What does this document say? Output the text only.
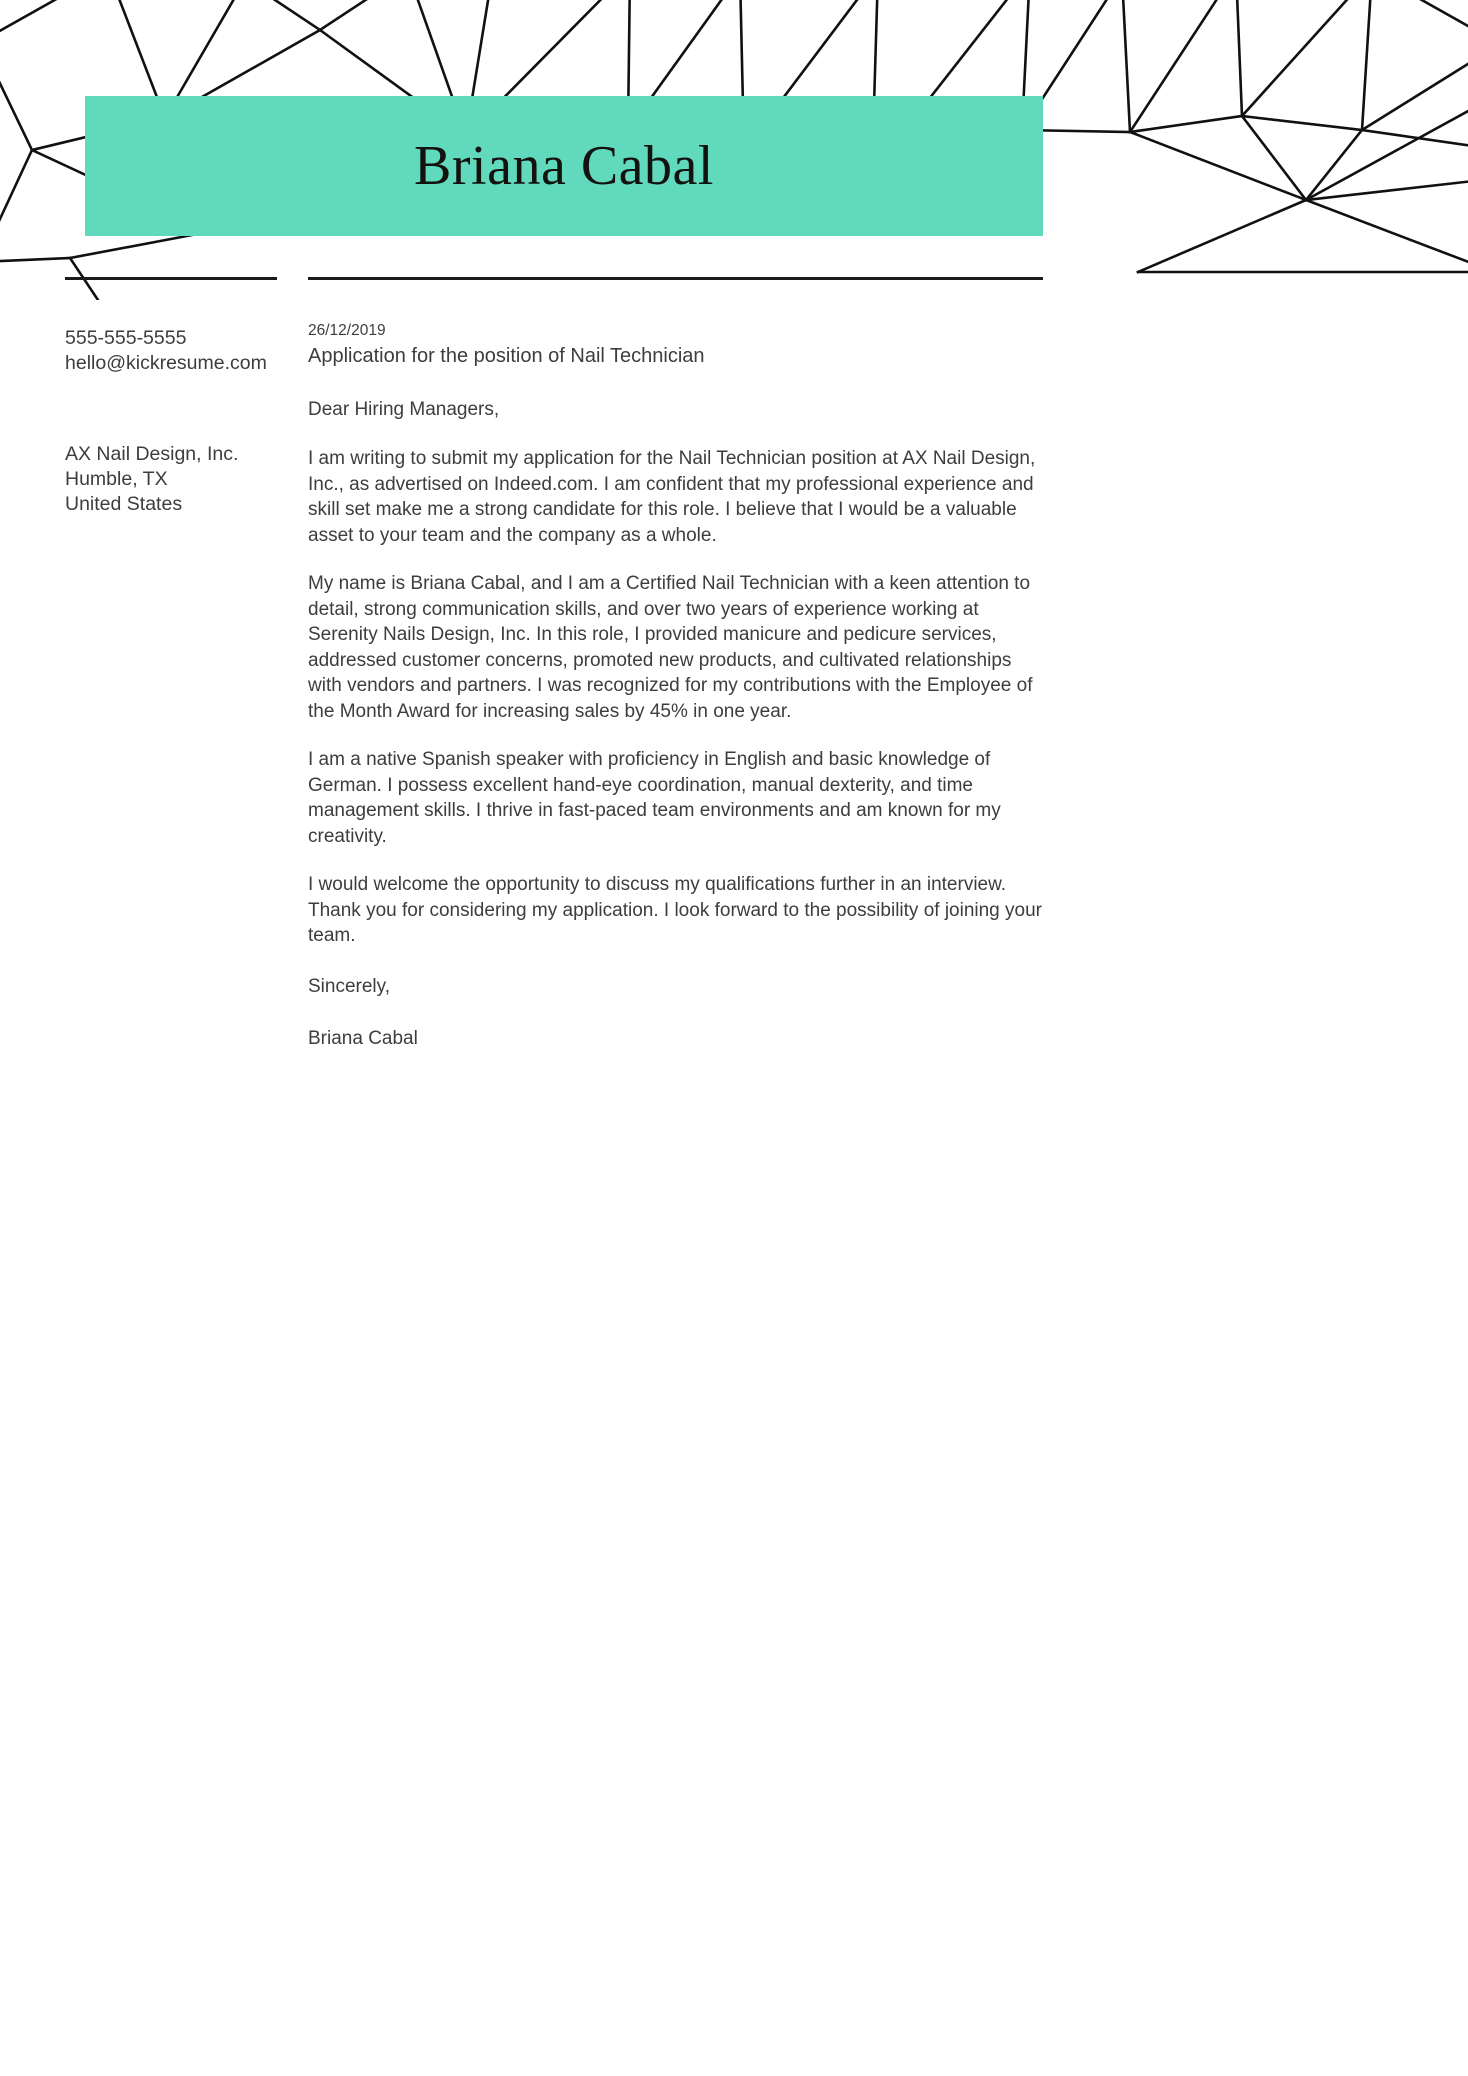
Briana Cabal
555-555-5555
hello@kickresume.com
AX Nail Design, Inc.
Humble, TX
United States
26/12/2019
Application for the position of Nail Technician
Dear Hiring Managers,

I am writing to submit my application for the Nail Technician position at AX Nail Design, Inc., as advertised on Indeed.com. I am confident that my professional experience and skill set make me a strong candidate for this role. I believe that I would be a valuable asset to your team and the company as a whole.

My name is Briana Cabal, and I am a Certified Nail Technician with a keen attention to detail, strong communication skills, and over two years of experience working at Serenity Nails Design, Inc. In this role, I provided manicure and pedicure services, addressed customer concerns, promoted new products, and cultivated relationships with vendors and partners. I was recognized for my contributions with the Employee of the Month Award for increasing sales by 45% in one year.

I am a native Spanish speaker with proficiency in English and basic knowledge of German. I possess excellent hand-eye coordination, manual dexterity, and time management skills. I thrive in fast-paced team environments and am known for my creativity.

I would welcome the opportunity to discuss my qualifications further in an interview. Thank you for considering my application. I look forward to the possibility of joining your team.

Sincerely,
Briana Cabal
